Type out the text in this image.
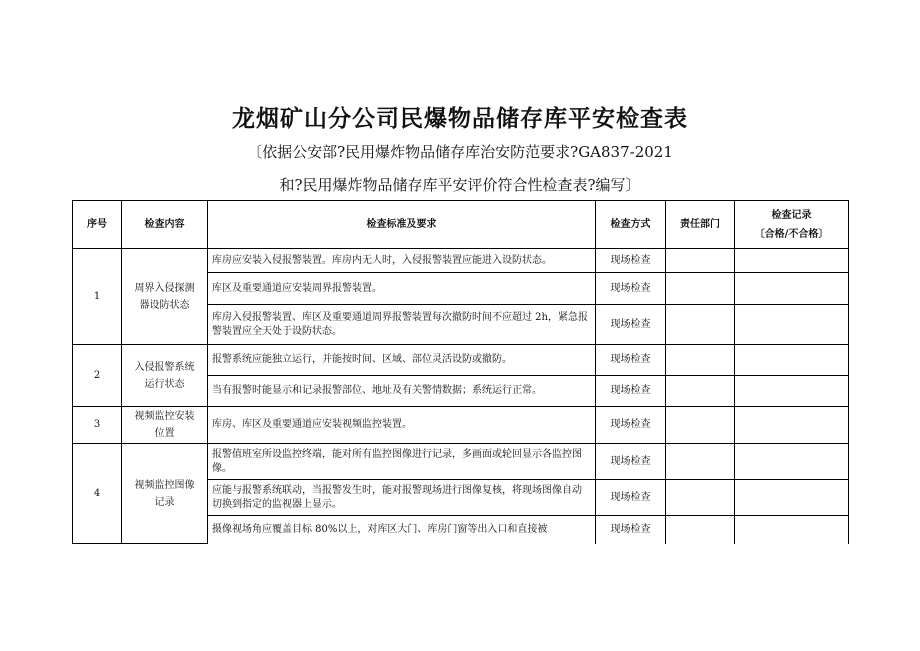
龙烟矿山分公司民爆物品储存库平安检查表

〔依据公安部?民用爆炸物品储存库治安防范要求?GA837-2021

和?民用爆炸物品储存库平安评价符合性检查表?编写〕

序号	检查内容	检查标准及要求	检查方式	责任部门	检查记录
〔合格/不合格〕

1	周界入侵探测器设防状态	库房应安装入侵报警装置。库房内无人时，入侵报警装置应能进入设防状态。	现场检查		
		库区及重要通道应安装周界报警装置。	现场检查		
		库房入侵报警装置、库区及重要通道周界报警装置每次撤防时间不应超过 2h，紧急报警装置应全天处于设防状态。	现场检查		
2	入侵报警系统运行状态	报警系统应能独立运行，并能按时间、区域、部位灵活设防或撤防。	现场检查		
		当有报警时能显示和记录报警部位、地址及有关警情数据；系统运行正常。	现场检查		
3	视频监控安装位置	库房、库区及重要通道应安装视频监控装置。	现场检查		
4	视频监控图像记录	报警值班室所设监控终端，能对所有监控图像进行记录，多画面或轮回显示各监控图像。	现场检查		
		应能与报警系统联动，当报警发生时，能对报警现场进行图像复核，将现场图像自动切换到指定的监视器上显示。	现场检查		
		摄像视场角应覆盖目标 80%以上，对库区大门、库房门窗等出入口和直接被	现场检查		
